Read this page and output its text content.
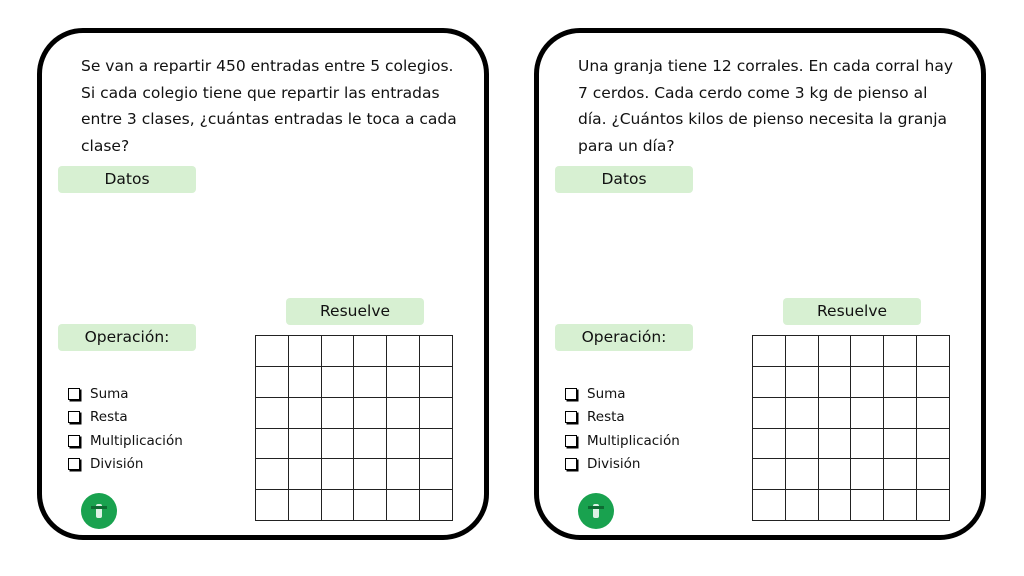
Se van a repartir 450 entradas entre 5 colegios. Si cada colegio tiene que repartir las entradas entre 3 clases, ¿cuántas entradas le toca a cada clase?

Datos
Resuelve
Operación:
Suma
Resta
Multiplicación
División

Una granja tiene 12 corrales. En cada corral hay 7 cerdos. Cada cerdo come 3 kg de pienso al día. ¿Cuántos kilos de pienso necesita la granja para un día?

Datos
Resuelve
Operación:
Suma
Resta
Multiplicación
División
